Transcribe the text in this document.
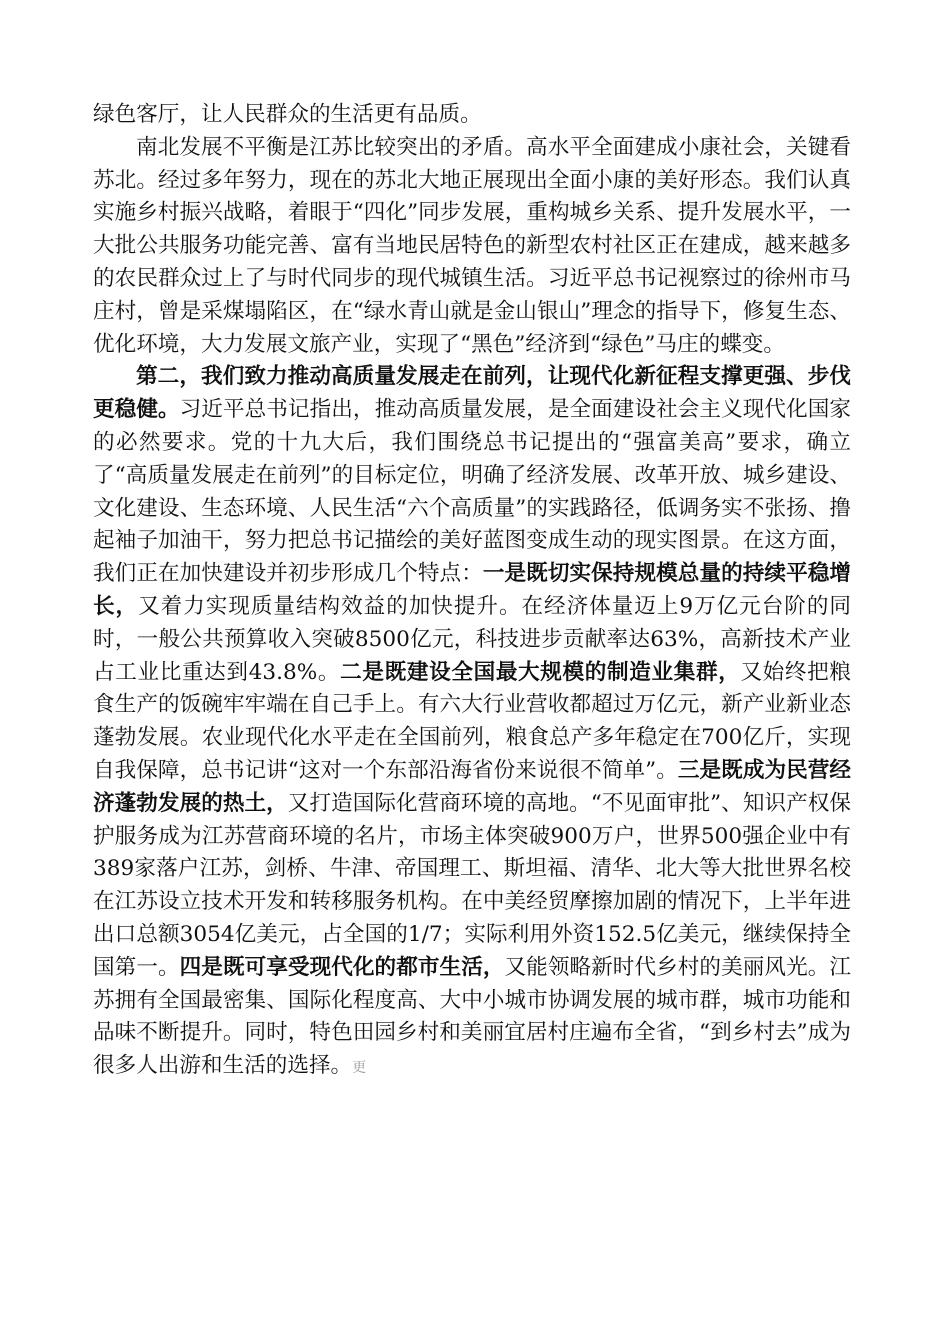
绿色客厅，让人民群众的生活更有品质。

南北发展不平衡是江苏比较突出的矛盾。高水平全面建成小康社会，关键看苏北。经过多年努力，现在的苏北大地正展现出全面小康的美好形态。我们认真实施乡村振兴战略，着眼于“四化”同步发展，重构城乡关系、提升发展水平，一大批公共服务功能完善、富有当地民居特色的新型农村社区正在建成，越来越多的农民群众过上了与时代同步的现代城镇生活。习近平总书记视察过的徐州市马庄村，曾是采煤塌陷区，在“绿水青山就是金山银山”理念的指导下，修复生态、优化环境，大力发展文旅产业，实现了“黑色”经济到“绿色”马庄的蝶变。

第二，我们致力推动高质量发展走在前列，让现代化新征程支撑更强、步伐更稳健。习近平总书记指出，推动高质量发展，是全面建设社会主义现代化国家的必然要求。党的十九大后，我们围绕总书记提出的“强富美高”要求，确立了“高质量发展走在前列”的目标定位，明确了经济发展、改革开放、城乡建设、文化建设、生态环境、人民生活“六个高质量”的实践路径，低调务实不张扬、撸起袖子加油干，努力把总书记描绘的美好蓝图变成生动的现实图景。在这方面，我们正在加快建设并初步形成几个特点：一是既切实保持规模总量的持续平稳增长，又着力实现质量结构效益的加快提升。在经济体量迈上9万亿元台阶的同时，一般公共预算收入突破8500亿元，科技进步贡献率达63%，高新技术产业占工业比重达到43.8%。二是既建设全国最大规模的制造业集群，又始终把粮食生产的饭碗牢牢端在自己手上。有六大行业营收都超过万亿元，新产业新业态蓬勃发展。农业现代化水平走在全国前列，粮食总产多年稳定在700亿斤，实现自我保障，总书记讲“这对一个东部沿海省份来说很不简单”。三是既成为民营经济蓬勃发展的热土，又打造国际化营商环境的高地。“不见面审批”、知识产权保护服务成为江苏营商环境的名片，市场主体突破900万户，世界500强企业中有389家落户江苏，剑桥、牛津、帝国理工、斯坦福、清华、北大等大批世界名校在江苏设立技术开发和转移服务机构。在中美经贸摩擦加剧的情况下，上半年进出口总额3054亿美元，占全国的1/7；实际利用外资152.5亿美元，继续保持全国第一。四是既可享受现代化的都市生活，又能领略新时代乡村的美丽风光。江苏拥有全国最密集、国际化程度高、大中小城市协调发展的城市群，城市功能和品味不断提升。同时，特色田园乡村和美丽宜居村庄遍布全省，“到乡村去”成为很多人出游和生活的选择。更
